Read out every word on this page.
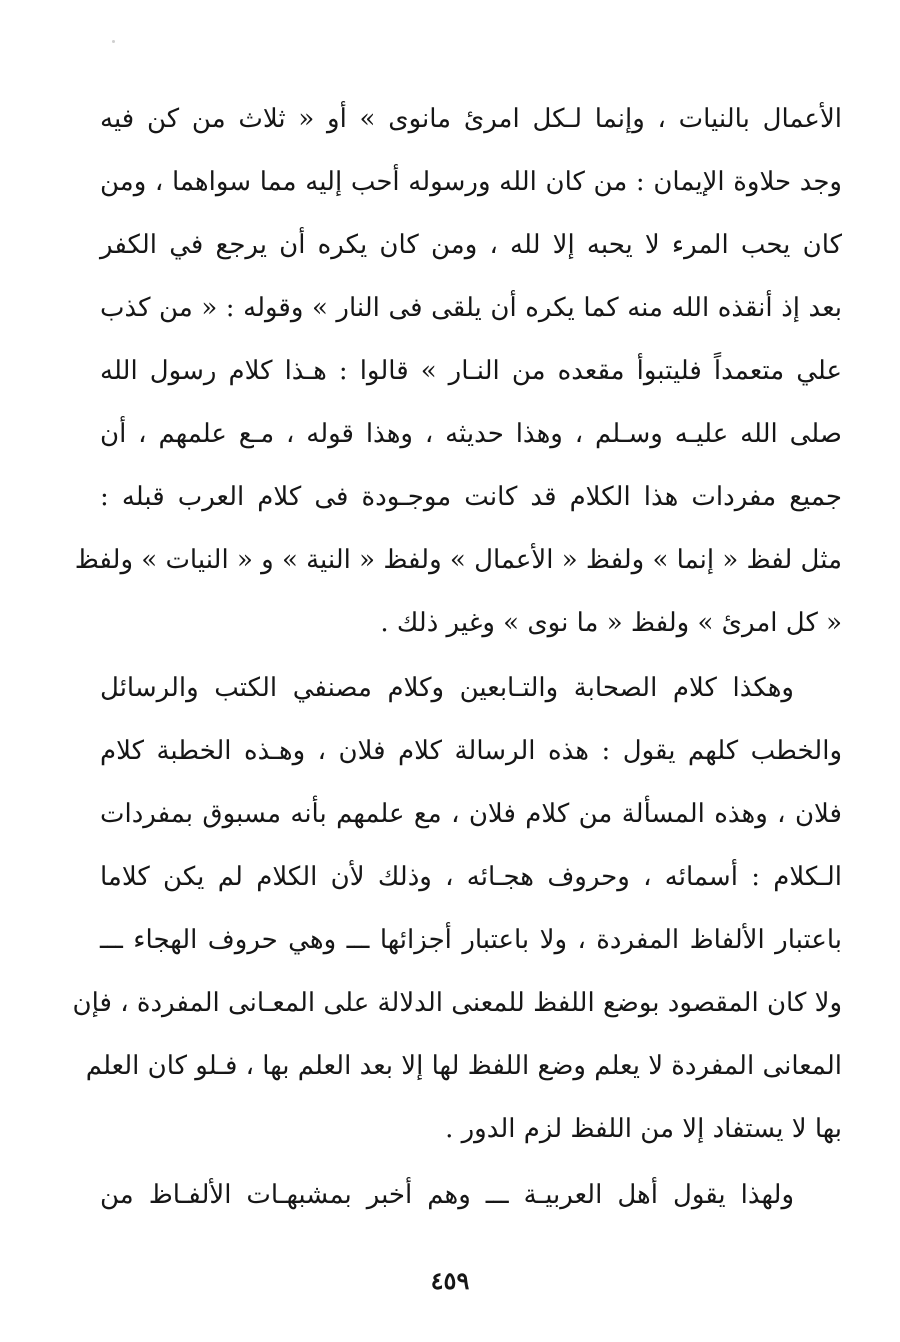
الأعمال بالنيات ، وإنما لـكل امرئ مانوى » أو « ثلاث من كن فيه
وجد حلاوة الإيمان : من كان الله ورسوله أحب إليه مما سواهما ، ومن
كان يحب المرء لا يحبه إلا لله ، ومن كان يكره أن يرجع في الكفر
بعد إذ أنقذه الله منه كما يكره أن يلقى فى النار » وقوله : « من كذب
علي متعمداً فليتبوأ مقعده من النـار » قالوا : هـذا كلام رسول الله
صلى الله عليـه وسـلم ، وهذا حديثه ، وهذا قوله ، مـع علمهم ، أن
جميع مفردات هذا الكلام قد كانت موجـودة فى كلام العرب قبله :
مثل لفظ « إنما » ولفظ « الأعمال » ولفظ « النية » و « النيات » ولفظ
« كل امرئ » ولفظ « ما نوى » وغير ذلك .
وهكذا كلام الصحابة والتـابعين وكلام مصنفي الكتب والرسائل
والخطب كلهم يقول : هذه الرسالة كلام فلان ، وهـذه الخطبة كلام
فلان ، وهذه المسألة من كلام فلان ، مع علمهم بأنه مسبوق بمفردات
الـكلام : أسمائه ، وحروف هجـائه ، وذلك لأن الكلام لم يكن كلاما
باعتبار الألفاظ المفردة ، ولا باعتبار أجزائها ـــ وهي حروف الهجاء ـــ
ولا كان المقصود بوضع اللفظ للمعنى الدلالة على المعـانى المفردة ، فإن
المعانى المفردة لا يعلم وضع اللفظ لها إلا بعد العلم بها ، فـلو كان العلم
بها لا يستفاد إلا من اللفظ لزم الدور .
ولهذا يقول أهل العربيـة ـــ وهم أخبر بمشبهـات الألفـاظ من
٤٥٩
